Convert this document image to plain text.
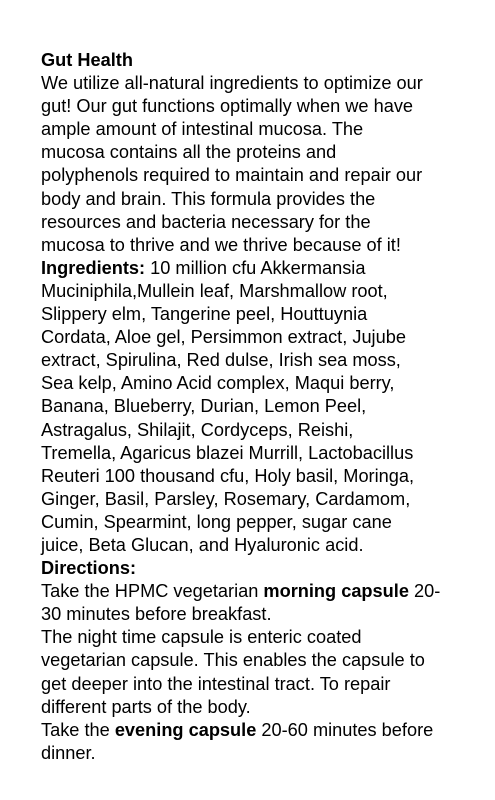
Gut Health
We utilize all-natural ingredients to optimize our
gut! Our gut functions optimally when we have
ample amount of intestinal mucosa. The
mucosa contains all the proteins and
polyphenols required to maintain and repair our
body and brain. This formula provides the
resources and bacteria necessary for the
mucosa to thrive and we thrive because of it!
Ingredients: 10 million cfu Akkermansia
Muciniphila,Mullein leaf, Marshmallow root,
Slippery elm, Tangerine peel, Houttuynia
Cordata, Aloe gel, Persimmon extract, Jujube
extract, Spirulina, Red dulse, Irish sea moss,
Sea kelp, Amino Acid complex, Maqui berry,
Banana, Blueberry, Durian, Lemon Peel,
Astragalus, Shilajit, Cordyceps, Reishi,
Tremella, Agaricus blazei Murrill, Lactobacillus
Reuteri 100 thousand cfu, Holy basil, Moringa,
Ginger, Basil, Parsley, Rosemary, Cardamom,
Cumin, Spearmint, long pepper, sugar cane
juice, Beta Glucan, and Hyaluronic acid.
Directions:
Take the HPMC vegetarian morning capsule 20-
30 minutes before breakfast.
The night time capsule is enteric coated
vegetarian capsule. This enables the capsule to
get deeper into the intestinal tract. To repair
different parts of the body.
Take the evening capsule 20-60 minutes before
dinner.
